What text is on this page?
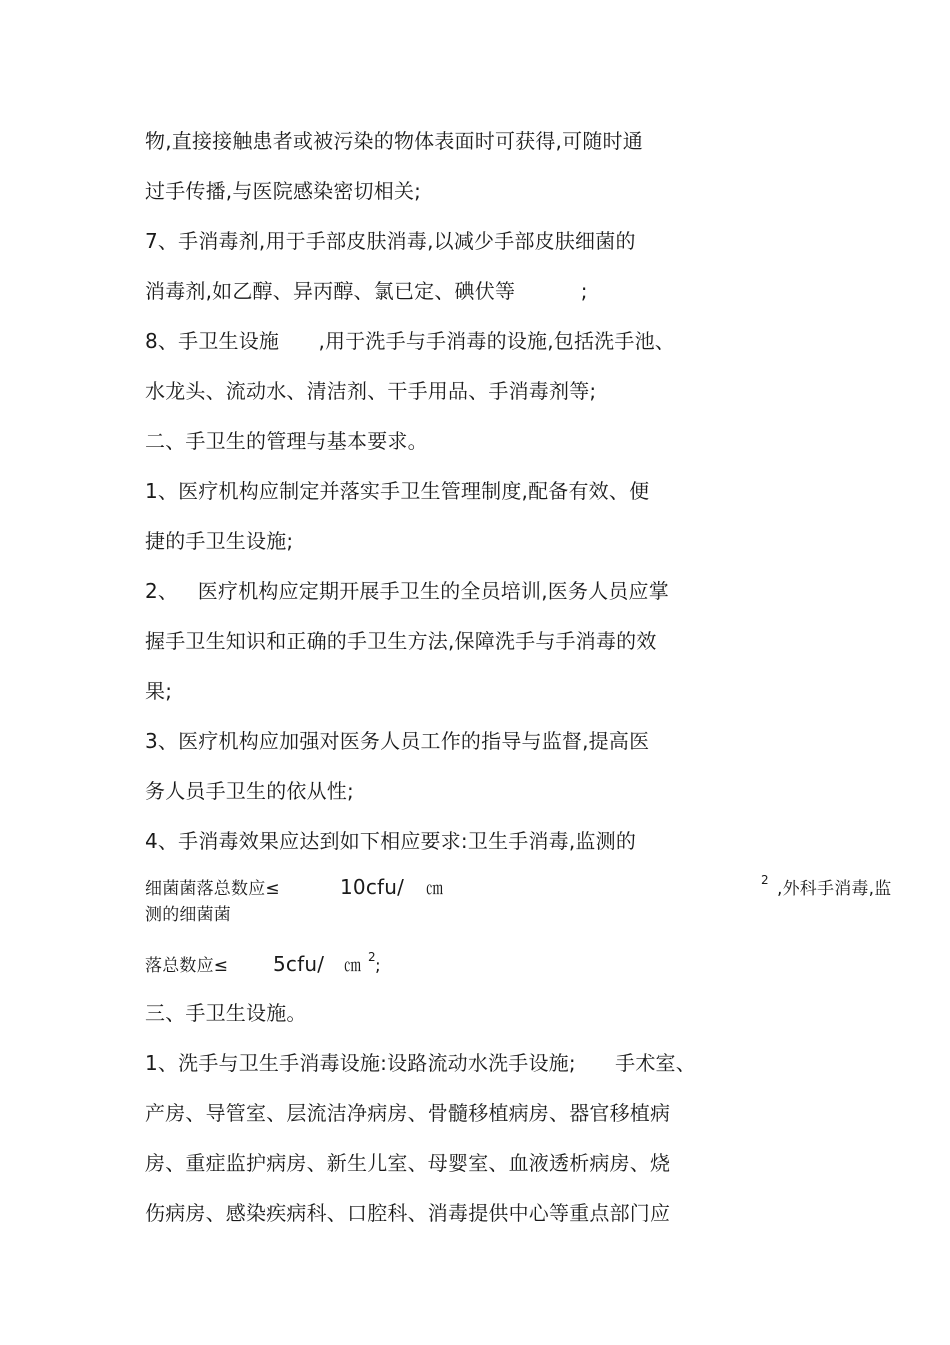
物,直接接触患者或被污染的物体表面时可获得,可随时通
过手传播,与医院感染密切相关;
7、手消毒剂,用于手部皮肤消毒,以减少手部皮肤细菌的
消毒剂,如乙醇、异丙醇、氯已定、碘伏等          ;
8、手卫生设施      ,用于洗手与手消毒的设施,包括洗手池、
水龙头、流动水、清洁剂、干手用品、手消毒剂等;
二、手卫生的管理与基本要求。
1、医疗机构应制定并落实手卫生管理制度,配备有效、便
捷的手卫生设施;
2、   医疗机构应定期开展手卫生的全员培训,医务人员应掌
握手卫生知识和正确的手卫生方法,保障洗手与手消毒的效
果;
3、医疗机构应加强对医务人员工作的指导与监督,提高医
务人员手卫生的依从性;
4、手消毒效果应达到如下相应要求:卫生手消毒,监测的
细菌菌落总数应≤	10cfu/ ㎝	2 ,外科手消毒,监
测的细菌菌
落总数应≤ 5cfu/ ㎝ 2 ;
三、手卫生设施。
1、洗手与卫生手消毒设施:设路流动水洗手设施;      手术室、
产房、导管室、层流洁净病房、骨髓移植病房、器官移植病
房、重症监护病房、新生儿室、母婴室、血液透析病房、烧
伤病房、感染疾病科、口腔科、消毒提供中心等重点部门应
